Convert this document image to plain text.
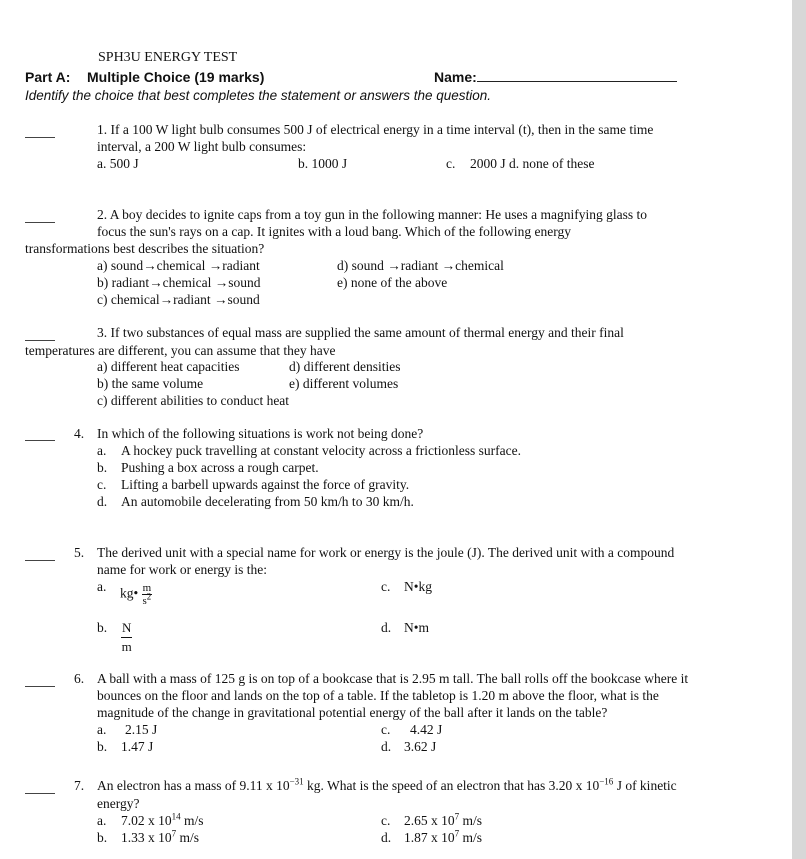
SPH3U ENERGY TEST
Part A: Multiple Choice (19 marks)	Name:
Identify the choice that best completes the statement or answers the question.
1. If a 100 W light bulb consumes 500 J of electrical energy in a time interval (t), then in the same time
interval, a 200 W light bulb consumes:
a. 500 J	b. 1000 J	c. 2000 J d. none of these
2. A boy decides to ignite caps from a toy gun in the following manner: He uses a magnifying glass to
focus the sun's rays on a cap. It ignites with a loud bang. Which of the following energy
transformations best describes the situation?
a) sound→chemical →radiant
b) radiant→chemical →sound
c) chemical→radiant →sound
d) sound →radiant →chemical
e) none of the above
3. If two substances of equal mass are supplied the same amount of thermal energy and their final
temperatures are different, you can assume that they have
a) different heat capacities
b) the same volume
c) different abilities to conduct heat
d) different densities
e) different volumes
4. In which of the following situations is work not being done?
a. A hockey puck travelling at constant velocity across a frictionless surface.
b. Pushing a box across a rough carpet.
c. Lifting a barbell upwards against the force of gravity.
d. An automobile decelerating from 50 km/h to 30 km/h.
5. The derived unit with a special name for work or energy is the joule (J). The derived unit with a compound
name for work or energy is the:
a. kg• $\frac{m}{s^2}$	c. N•kg
b. $\frac{N}{m}$	d. N•m
6. A ball with a mass of 125 g is on top of a bookcase that is 2.95 m tall. The ball rolls off the bookcase where it
bounces on the floor and lands on the top of a table. If the tabletop is 1.20 m above the floor, what is the
magnitude of the change in gravitational potential energy of the ball after it lands on the table?
a. 2.15 J
b. 1.47 J
c. 4.42 J
d. 3.62 J
7. An electron has a mass of 9.11 x $10^{-31}$ kg. What is the speed of an electron that has 3.20 x $10^{-16}$ J of kinetic
energy?
a. 7.02 x $10^{14}$ m/s
b. 1.33 x $10^7$ m/s
c. 2.65 x $10^7$ m/s
d. 1.87 x $10^7$ m/s
